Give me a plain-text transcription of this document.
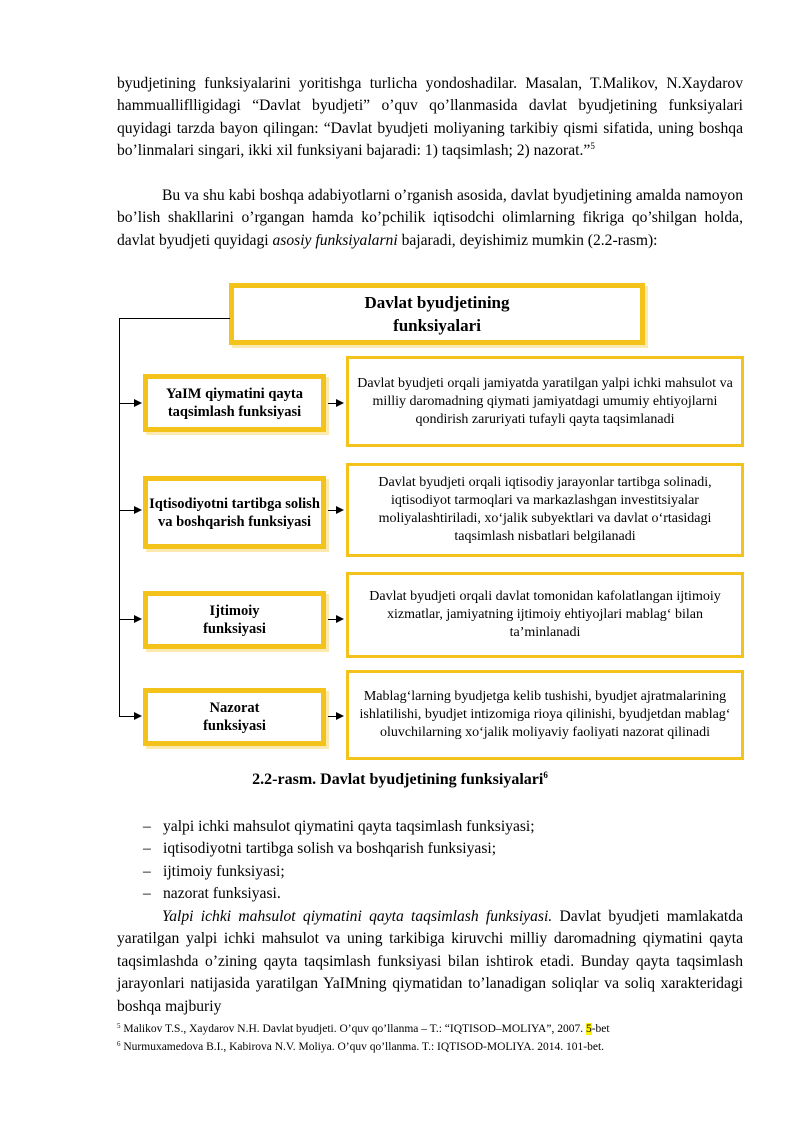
byudjetining funksiyalarini yoritishga turlicha yondoshadilar. Masalan, T.Malikov, N.Xaydarov hammualliflligidagi “Davlat byudjeti” o’quv qo’llanmasida davlat byudjetining funksiyalari quyidagi tarzda bayon qilingan: “Davlat byudjeti moliyaning tarkibiy qismi sifatida, uning boshqa bo’linmalari singari, ikki xil funksiyani bajaradi: 1) taqsimlash; 2) nazorat.”$^5$

Bu va shu kabi boshqa adabiyotlarni o’rganish asosida, davlat byudjetining amalda namoyon bo’lish shakllarini o’rgangan hamda ko’pchilik iqtisodchi olimlarning fikriga qo’shilgan holda, davlat byudjeti quyidagi asosiy funksiyalarni bajaradi, deyishimiz mumkin (2.2-rasm):

Davlat byudjetining funksiyalari
YaIM qiymatini qayta taqsimlash funksiyasi
Davlat byudjeti orqali jamiyatda yaratilgan yalpi ichki mahsulot va milliy daromadning qiymati jamiyatdagi umumiy ehtiyojlarni qondirish zaruriyati tufayli qayta taqsimlanadi
Iqtisodiyotni tartibga solish va boshqarish funksiyasi
Davlat byudjeti orqali iqtisodiy jarayonlar tartibga solinadi, iqtisodiyot tarmoqlari va markazlashgan investitsiyalar moliyalashtiriladi, xo‘jalik subyektlari va davlat o‘rtasidagi taqsimlash nisbatlari belgilanadi
Ijtimoiy funksiyasi
Davlat byudjeti orqali davlat tomonidan kafolatlangan ijtimoiy xizmatlar, jamiyatning ijtimoiy ehtiyojlari mablag‘ bilan ta’minlanadi
Nazorat funksiyasi
Mablag‘larning byudjetga kelib tushishi, byudjet ajratmalarining ishlatilishi, byudjet intizomiga rioya qilinishi, byudjetdan mablag‘ oluvchilarning xo‘jalik moliyaviy faoliyati nazorat qilinadi
2.2-rasm. Davlat byudjetining funksiyalari$^6$
– yalpi ichki mahsulot qiymatini qayta taqsimlash funksiyasi;
– iqtisodiyotni tartibga solish va boshqarish funksiyasi;
– ijtimoiy funksiyasi;
– nazorat funksiyasi.

Yalpi ichki mahsulot qiymatini qayta taqsimlash funksiyasi. Davlat byudjeti mamlakatda yaratilgan yalpi ichki mahsulot va uning tarkibiga kiruvchi milliy daromadning qiymatini qayta taqsimlashda o’zining qayta taqsimlash funksiyasi bilan ishtirok etadi. Bunday qayta taqsimlash jarayonlari natijasida yaratilgan YaIMning qiymatidan to’lanadigan soliqlar va soliq xarakteridagi boshqa majburiy

$^5$ Malikov T.S., Xaydarov N.H. Davlat byudjeti. O’quv qo’llanma – T.: “IQTISOD–MOLIYA”, 2007. 5-bet
$^6$ Nurmuxamedova B.I., Kabirova N.V. Moliya. O’quv qo’llanma. T.: IQTISOD-MOLIYA. 2014. 101-bet.
